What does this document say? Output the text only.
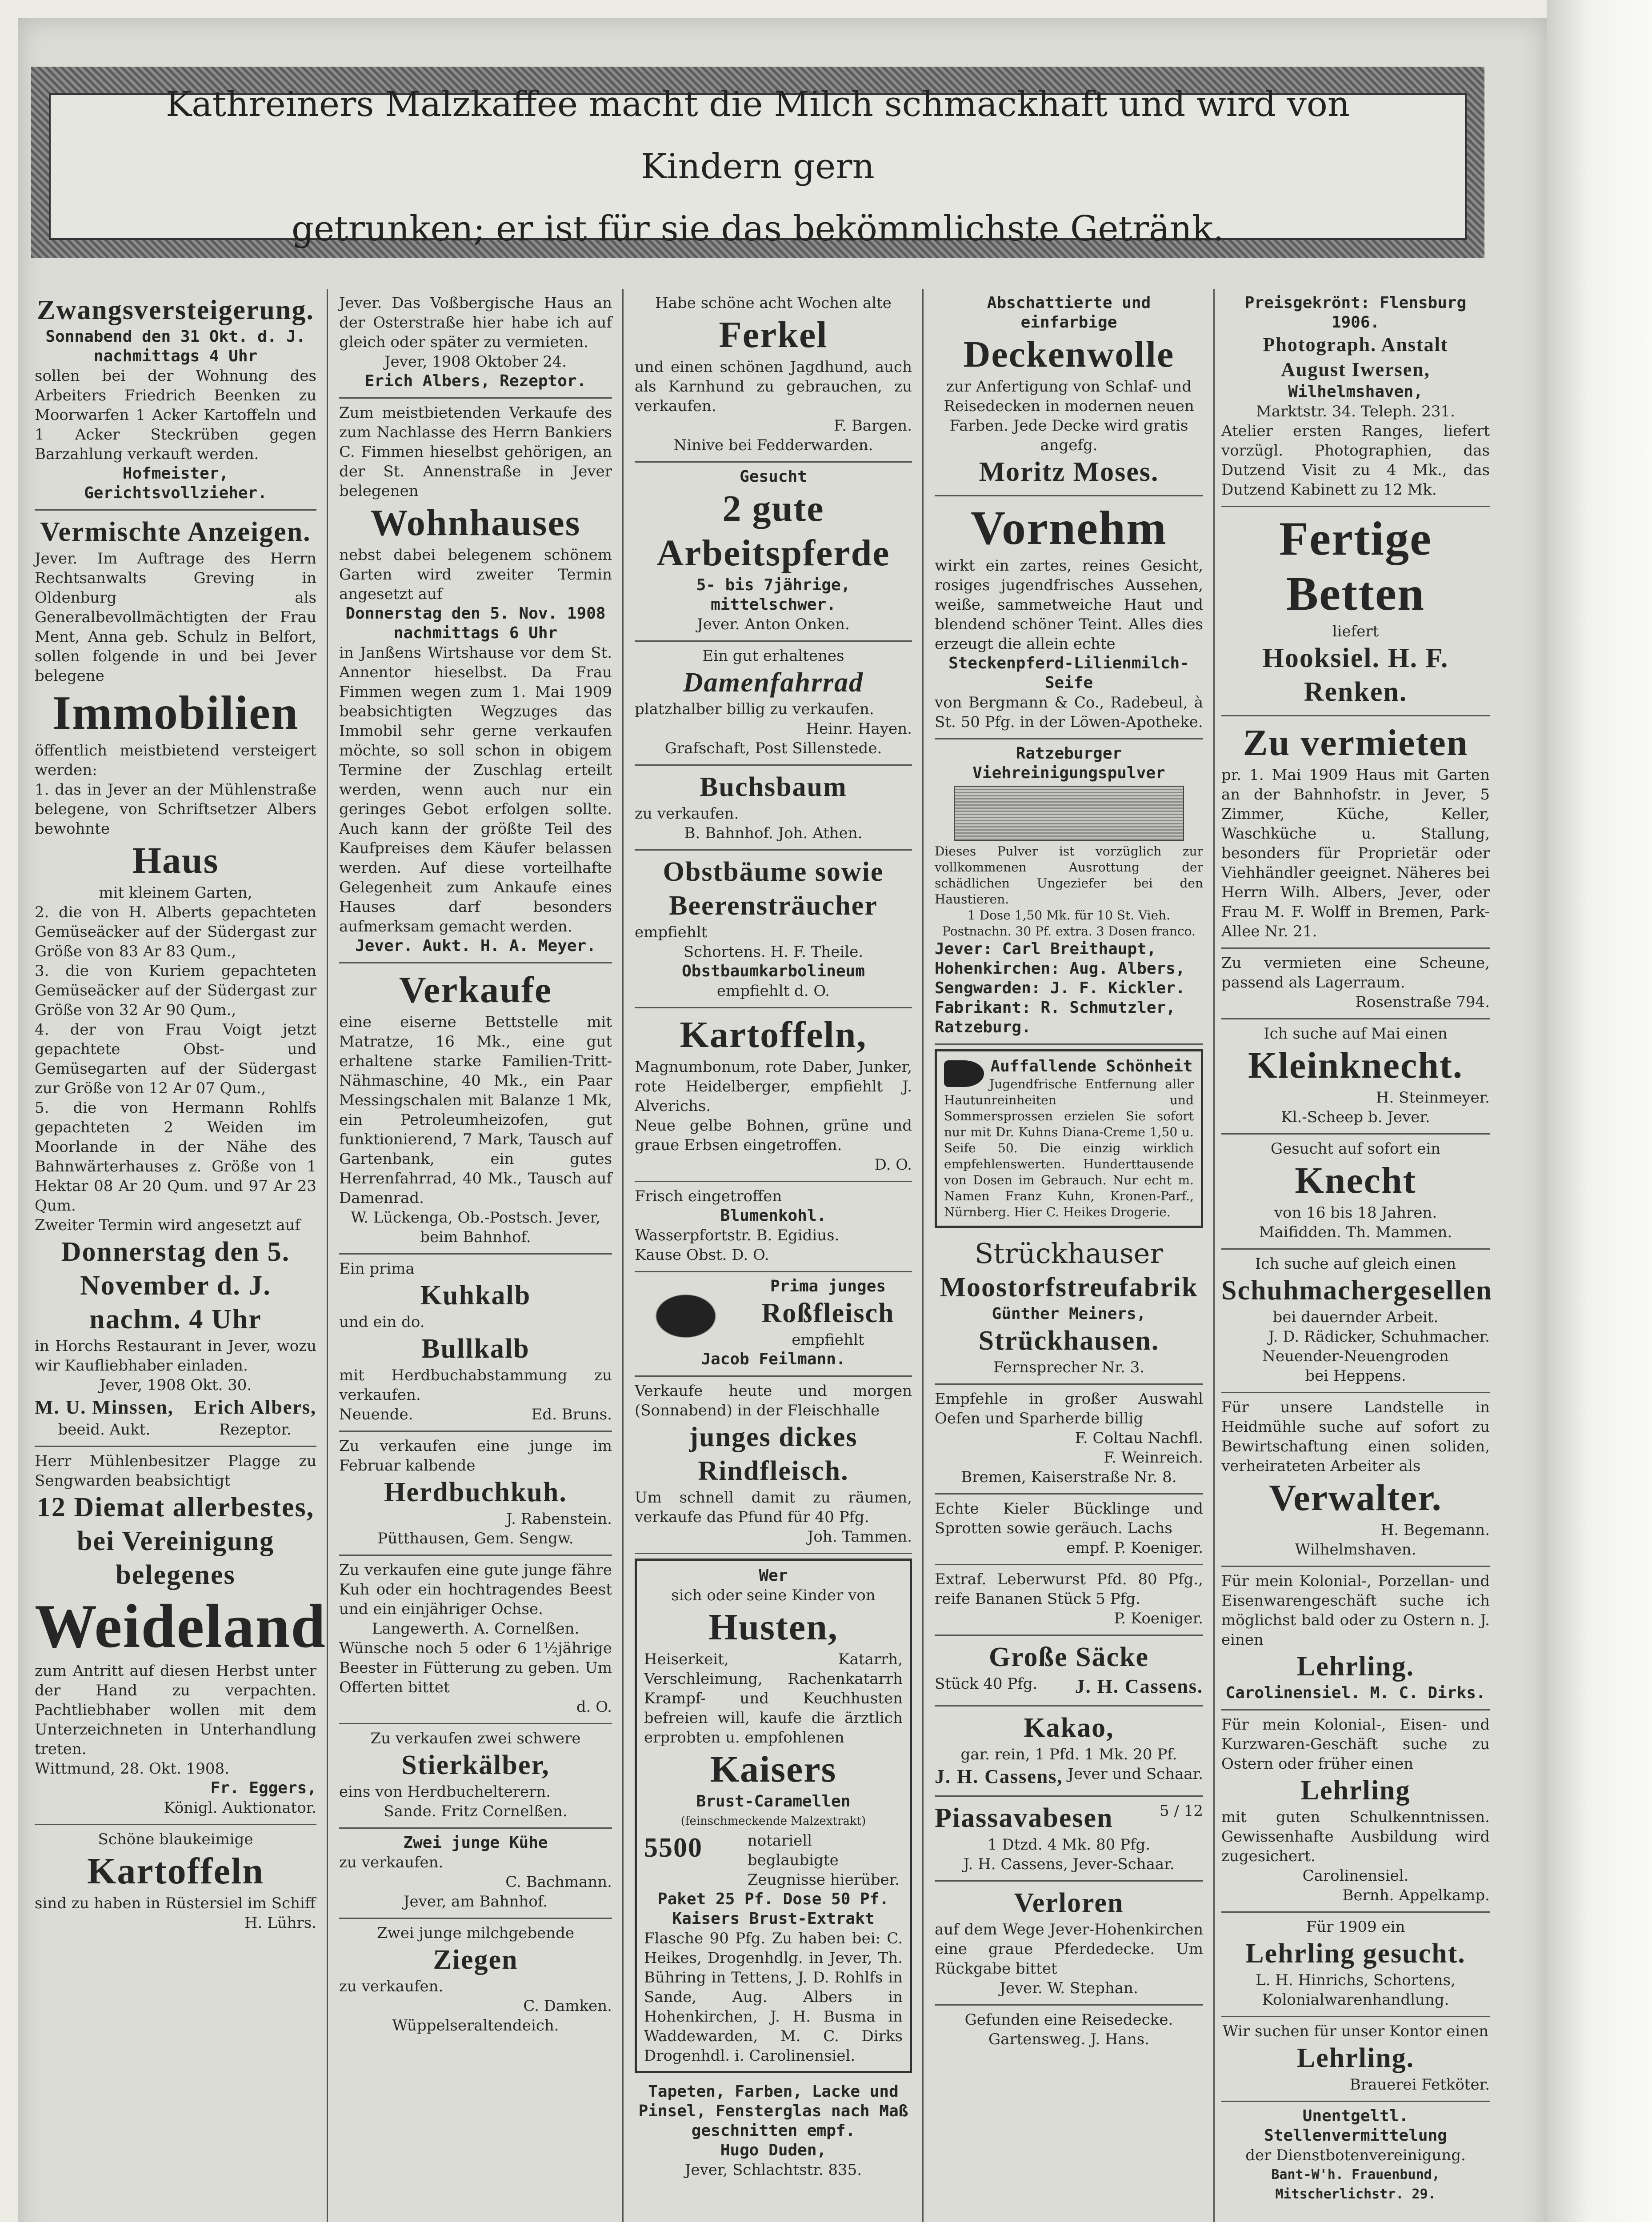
Kathreiners Malzkaffee macht die Milch schmackhaft und wird von Kindern gern
getrunken; er ist für sie das bekömmlichste Getränk.
Zwangsversteigerung.
Sonnabend den 31 Okt. d. J. nachmittags 4 Uhr
sollen bei der Wohnung des Arbeiters Friedrich Beenken zu Moorwarfen 1 Acker Kartoffeln und 1 Acker Steckrüben gegen Barzahlung verkauft werden.
Hofmeister, Gerichtsvollzieher.
Vermischte Anzeigen.
Jever. Im Auftrage des Herrn Rechtsanwalts Greving in Oldenburg als Generalbevollmächtigten der Frau Ment, Anna geb. Schulz in Belfort, sollen folgende in und bei Jever belegene
Immobilien
öffentlich meistbietend versteigert werden:
1. das in Jever an der Mühlenstraße belegene, von Schriftsetzer Albers bewohnte
Haus
mit kleinem Garten,
2. die von H. Alberts gepachteten Gemüseäcker auf der Südergast zur Größe von 83 Ar 83 Qum.,
3. die von Kuriem gepachteten Gemüseäcker auf der Südergast zur Größe von 32 Ar 90 Qum.,
4. der von Frau Voigt jetzt gepachtete Obst- und Gemüsegarten auf der Südergast zur Größe von 12 Ar 07 Qum.,
5. die von Hermann Rohlfs gepachteten 2 Weiden im Moorlande in der Nähe des Bahnwärterhauses z. Größe von 1 Hektar 08 Ar 20 Qum. und 97 Ar 23 Qum.
Zweiter Termin wird angesetzt auf
Donnerstag den 5. November d. J. nachm. 4 Uhr
in Horchs Restaurant in Jever, wozu wir Kaufliebhaber einladen.
Jever, 1908 Okt. 30.
M. U. Minssen,
beeid. Aukt.
Erich Albers,
Rezeptor.
Herr Mühlenbesitzer Plagge zu Sengwarden beabsichtigt
12 Diemat allerbestes, bei Vereinigung belegenes
Weideland
zum Antritt auf diesen Herbst unter der Hand zu verpachten. Pachtliebhaber wollen mit dem Unterzeichneten in Unterhandlung treten.
Wittmund, 28. Okt. 1908.
Fr. Eggers,
Königl. Auktionator.
Schöne blaukeimige
Kartoffeln
sind zu haben in Rüstersiel im Schiff
H. Lührs.
Jever. Das Voßbergische Haus an der Osterstraße hier habe ich auf gleich oder später zu vermieten.
Jever, 1908 Oktober 24.
Erich Albers, Rezeptor.
Zum meistbietenden Verkaufe des zum Nachlasse des Herrn Bankiers C. Fimmen hieselbst gehörigen, an der St. Annenstraße in Jever belegenen
Wohnhauses
nebst dabei belegenem schönem Garten wird zweiter Termin angesetzt auf
Donnerstag den 5. Nov. 1908 nachmittags 6 Uhr
in Janßens Wirtshause vor dem St. Annentor hieselbst. Da Frau Fimmen wegen zum 1. Mai 1909 beabsichtigten Wegzuges das Immobil sehr gerne verkaufen möchte, so soll schon in obigem Termine der Zuschlag erteilt werden, wenn auch nur ein geringes Gebot erfolgen sollte. Auch kann der größte Teil des Kaufpreises dem Käufer belassen werden. Auf diese vorteilhafte Gelegenheit zum Ankaufe eines Hauses darf besonders aufmerksam gemacht werden.
Jever. Aukt. H. A. Meyer.
Verkaufe
eine eiserne Bettstelle mit Matratze, 16 Mk., eine gut erhaltene starke Familien-Tritt-Nähmaschine, 40 Mk., ein Paar Messingschalen mit Balanze 1 Mk, ein Petroleumheizofen, gut funktionierend, 7 Mark, Tausch auf Gartenbank, ein gutes Herrenfahrrad, 40 Mk., Tausch auf Damenrad.
W. Lückenga, Ob.-Postsch. Jever, beim Bahnhof.
Ein prima
Kuhkalb
und ein do.
Bullkalb
mit Herdbuchabstammung zu verkaufen.
Neuende.	Ed. Bruns.
Zu verkaufen eine junge im Februar kalbende
Herdbuchkuh.
J. Rabenstein.
Pütthausen, Gem. Sengw.
Zu verkaufen eine gute junge fähre Kuh oder ein hochtragendes Beest und ein einjähriger Ochse.
Langewerth. A. Cornelßen.
Wünsche noch 5 oder 6 1½jährige Beester in Fütterung zu geben. Um Offerten bittet
d. O.
Zu verkaufen zwei schwere
Stierkälber,
eins von Herdbuchelterern.
Sande. Fritz Cornelßen.
Zwei junge Kühe
zu verkaufen.
C. Bachmann.
Jever, am Bahnhof.
Zwei junge milchgebende
Ziegen
zu verkaufen.
C. Damken.
Wüppelseraltendeich.
Habe schöne acht Wochen alte
Ferkel
und einen schönen Jagdhund, auch als Karnhund zu gebrauchen, zu verkaufen.
F. Bargen.
Ninive bei Fedderwarden.
Gesucht
2 gute Arbeitspferde
5- bis 7jährige, mittelschwer.
Jever. Anton Onken.
Ein gut erhaltenes
Damenfahrrad
platzhalber billig zu verkaufen.
Heinr. Hayen.
Grafschaft, Post Sillenstede.
Buchsbaum
zu verkaufen.
B. Bahnhof. Joh. Athen.
Obstbäume sowie Beerensträucher
empfiehlt
Schortens. H. F. Theile.
Obstbaumkarbolineum
empfiehlt d. O.
Kartoffeln,
Magnumbonum, rote Daber, Junker, rote Heidelberger, empfiehlt J. Alverichs.
Neue gelbe Bohnen, grüne und graue Erbsen eingetroffen.
D. O.
Frisch eingetroffen
Blumenkohl.
Wasserpfortstr. B. Egidius.
Kause Obst. D. O.
Prima junges
Roßfleisch
empfiehlt
Jacob Feilmann.
Verkaufe heute und morgen (Sonnabend) in der Fleischhalle
junges dickes Rindfleisch.
Um schnell damit zu räumen, verkaufe das Pfund für 40 Pfg.
Joh. Tammen.
Wer
sich oder seine Kinder von
Husten,
Heiserkeit, Katarrh, Verschleimung, Rachenkatarrh Krampf- und Keuchhusten befreien will, kaufe die ärztlich erprobten u. empfohlenen
Kaisers
Brust-Caramellen
(feinschmeckende Malzextrakt)
5500	notariell beglaubigte Zeugnisse hierüber.
Paket 25 Pf. Dose 50 Pf.
Kaisers Brust-Extrakt
Flasche 90 Pfg. Zu haben bei: C. Heikes, Drogenhdlg. in Jever, Th. Bühring in Tettens, J. D. Rohlfs in Sande, Aug. Albers in Hohenkirchen, J. H. Busma in Waddewarden, M. C. Dirks Drogenhdl. i. Carolinensiel.
Tapeten, Farben, Lacke und Pinsel, Fensterglas nach Maß geschnitten empf.
Hugo Duden,
Jever, Schlachtstr. 835.
Abschattierte und einfarbige
Deckenwolle
zur Anfertigung von Schlaf- und Reisedecken in modernen neuen Farben. Jede Decke wird gratis angefg.
Moritz Moses.
Vornehm
wirkt ein zartes, reines Gesicht, rosiges jugendfrisches Aussehen, weiße, sammetweiche Haut und blendend schöner Teint. Alles dies erzeugt die allein echte
Steckenpferd-Lilienmilch-Seife
von Bergmann & Co., Radebeul, à St. 50 Pfg. in der Löwen-Apotheke.
Ratzeburger Viehreinigungspulver
Dieses Pulver ist vorzüglich zur vollkommenen Ausrottung der schädlichen Ungeziefer bei den Haustieren.
1 Dose 1,50 Mk. für 10 St. Vieh. Postnachn. 30 Pf. extra. 3 Dosen franco.
Jever: Carl Breithaupt,
Hohenkirchen: Aug. Albers,
Sengwarden: J. F. Kickler.
Fabrikant: R. Schmutzler, Ratzeburg.
Auffallende Schönheit
Jugendfrische Entfernung aller Hautunreinheiten und Sommersprossen erzielen Sie sofort nur mit Dr. Kuhns Diana-Creme 1,50 u. Seife 50. Die einzig wirklich empfehlenswerten. Hunderttausende von Dosen im Gebrauch. Nur echt m. Namen Franz Kuhn, Kronen-Parf., Nürnberg. Hier C. Heikes Drogerie.
Strückhauser
Moostorfstreufabrik
Günther Meiners,
Strückhausen.
Fernsprecher Nr. 3.
Empfehle in großer Auswahl Oefen und Sparherde billig
F. Coltau Nachfl.
F. Weinreich.
Bremen, Kaiserstraße Nr. 8.
Echte Kieler Bücklinge und Sprotten sowie geräuch. Lachs
empf. P. Koeniger.
Extraf. Leberwurst Pfd. 80 Pfg., reife Bananen Stück 5 Pfg.
P. Koeniger.
Große Säcke
Stück 40 Pfg. J. H. Cassens.
Kakao,
gar. rein, 1 Pfd. 1 Mk. 20 Pf.
J. H. Cassens, Jever und Schaar.
Piassavabesen	5 / 12
1 Dtzd. 4 Mk. 80 Pfg.
J. H. Cassens, Jever-Schaar.
Verloren
auf dem Wege Jever-Hohenkirchen eine graue Pferdedecke. Um Rückgabe bittet
Jever. W. Stephan.
Gefunden eine Reisedecke.
Gartensweg. J. Hans.
Preisgekrönt: Flensburg 1906.
Photograph. Anstalt
August Iwersen,
Wilhelmshaven,
Marktstr. 34. Teleph. 231.
Atelier ersten Ranges, liefert vorzügl. Photographien, das Dutzend Visit zu 4 Mk., das Dutzend Kabinett zu 12 Mk.
Fertige Betten
liefert
Hooksiel. H. F. Renken.
Zu vermieten
pr. 1. Mai 1909 Haus mit Garten an der Bahnhofstr. in Jever, 5 Zimmer, Küche, Keller, Waschküche u. Stallung, besonders für Proprietär oder Viehhändler geeignet. Näheres bei Herrn Wilh. Albers, Jever, oder Frau M. F. Wolff in Bremen, Park-Allee Nr. 21.
Zu vermieten eine Scheune, passend als Lagerraum.
Rosenstraße 794.
Ich suche auf Mai einen
Kleinknecht.
H. Steinmeyer.
Kl.-Scheep b. Jever.
Gesucht auf sofort ein
Knecht
von 16 bis 18 Jahren.
Maifidden. Th. Mammen.
Ich suche auf gleich einen
Schuhmachergesellen
bei dauernder Arbeit.
J. D. Rädicker, Schuhmacher.
Neuender-Neuengroden
bei Heppens.
Für unsere Landstelle in Heidmühle suche auf sofort zu Bewirtschaftung einen soliden, verheirateten Arbeiter als
Verwalter.
H. Begemann.
Wilhelmshaven.
Für mein Kolonial-, Porzellan- und Eisenwarengeschäft suche ich möglichst bald oder zu Ostern n. J. einen
Lehrling.
Carolinensiel. M. C. Dirks.
Für mein Kolonial-, Eisen- und Kurzwaren-Geschäft suche zu Ostern oder früher einen
Lehrling
mit guten Schulkenntnissen. Gewissenhafte Ausbildung wird zugesichert.
Carolinensiel.
Bernh. Appelkamp.
Für 1909 ein
Lehrling gesucht.
L. H. Hinrichs, Schortens,
Kolonialwarenhandlung.
Wir suchen für unser Kontor einen
Lehrling.
Brauerei Fetköter.
Unentgeltl. Stellenvermittelung
der Dienstbotenvereinigung.
Bant-W'h. Frauenbund, Mitscherlichstr. 29.
